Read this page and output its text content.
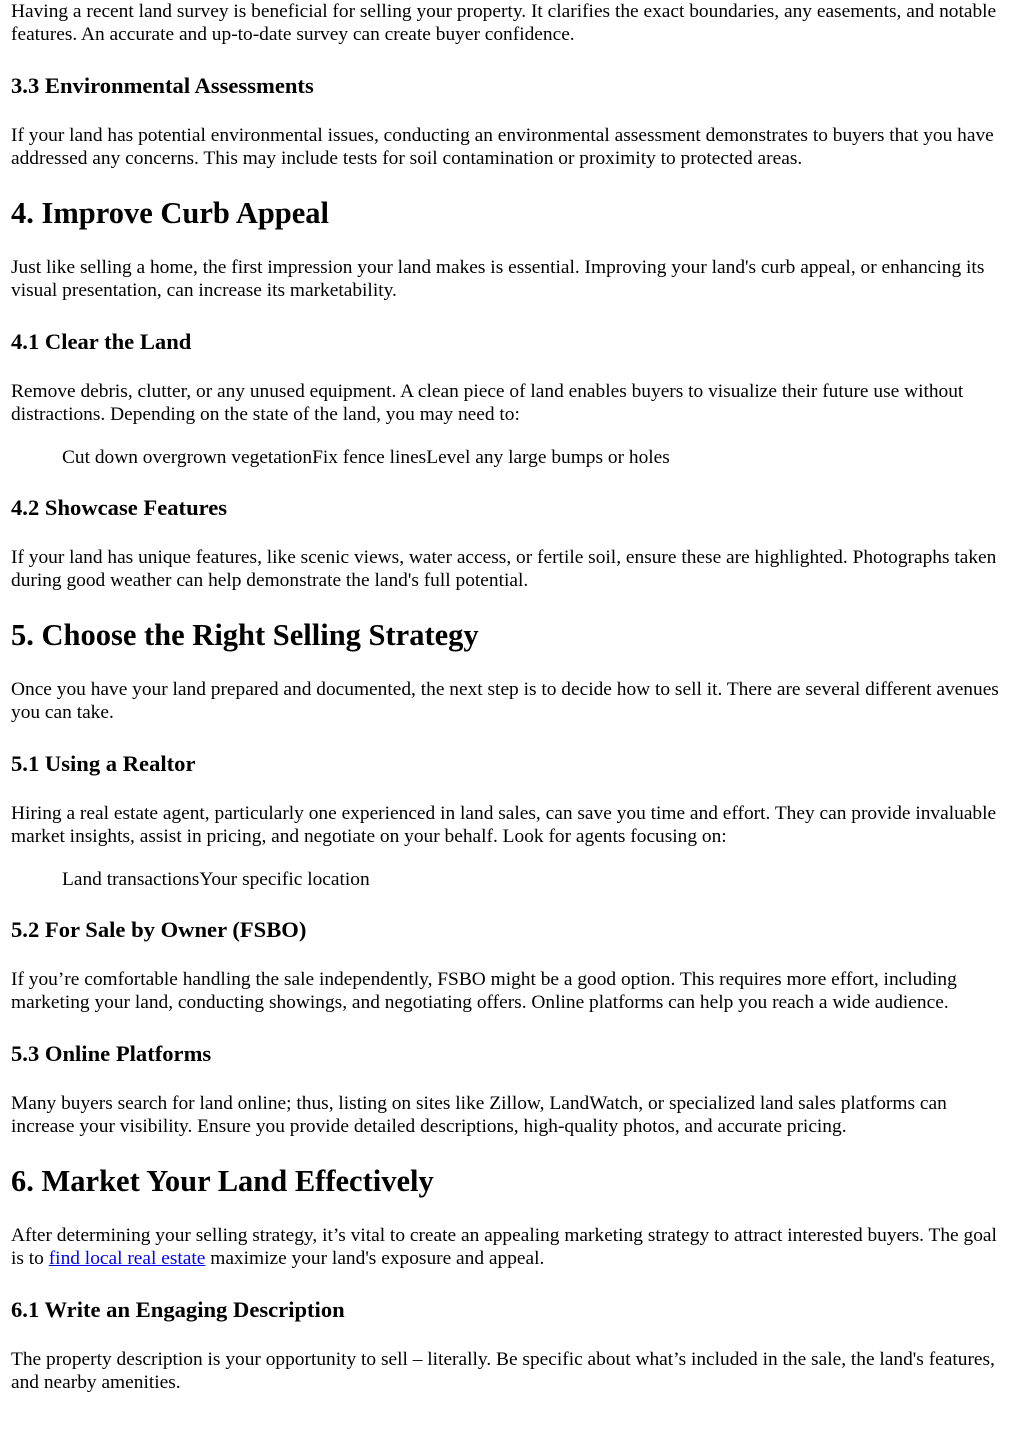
Having a recent land survey is beneficial for selling your property. It clarifies the exact boundaries, any easements, and notable features. An accurate and up-to-date survey can create buyer confidence.

3.3 Environmental Assessments

If your land has potential environmental issues, conducting an environmental assessment demonstrates to buyers that you have addressed any concerns. This may include tests for soil contamination or proximity to protected areas.

4. Improve Curb Appeal

Just like selling a home, the first impression your land makes is essential. Improving your land's curb appeal, or enhancing its visual presentation, can increase its marketability.

4.1 Clear the Land

Remove debris, clutter, or any unused equipment. A clean piece of land enables buyers to visualize their future use without distractions. Depending on the state of the land, you may need to:

Cut down overgrown vegetationFix fence linesLevel any large bumps or holes
4.2 Showcase Features

If your land has unique features, like scenic views, water access, or fertile soil, ensure these are highlighted. Photographs taken during good weather can help demonstrate the land's full potential.

5. Choose the Right Selling Strategy

Once you have your land prepared and documented, the next step is to decide how to sell it. There are several different avenues you can take.

5.1 Using a Realtor

Hiring a real estate agent, particularly one experienced in land sales, can save you time and effort. They can provide invaluable market insights, assist in pricing, and negotiate on your behalf. Look for agents focusing on:

Land transactionsYour specific location
5.2 For Sale by Owner (FSBO)

If you’re comfortable handling the sale independently, FSBO might be a good option. This requires more effort, including marketing your land, conducting showings, and negotiating offers. Online platforms can help you reach a wide audience.

5.3 Online Platforms

Many buyers search for land online; thus, listing on sites like Zillow, LandWatch, or specialized land sales platforms can increase your visibility. Ensure you provide detailed descriptions, high-quality photos, and accurate pricing.

6. Market Your Land Effectively

After determining your selling strategy, it’s vital to create an appealing marketing strategy to attract interested buyers. The goal is to find local real estate maximize your land's exposure and appeal.

6.1 Write an Engaging Description

The property description is your opportunity to sell – literally. Be specific about what’s included in the sale, the land's features, and nearby amenities.
